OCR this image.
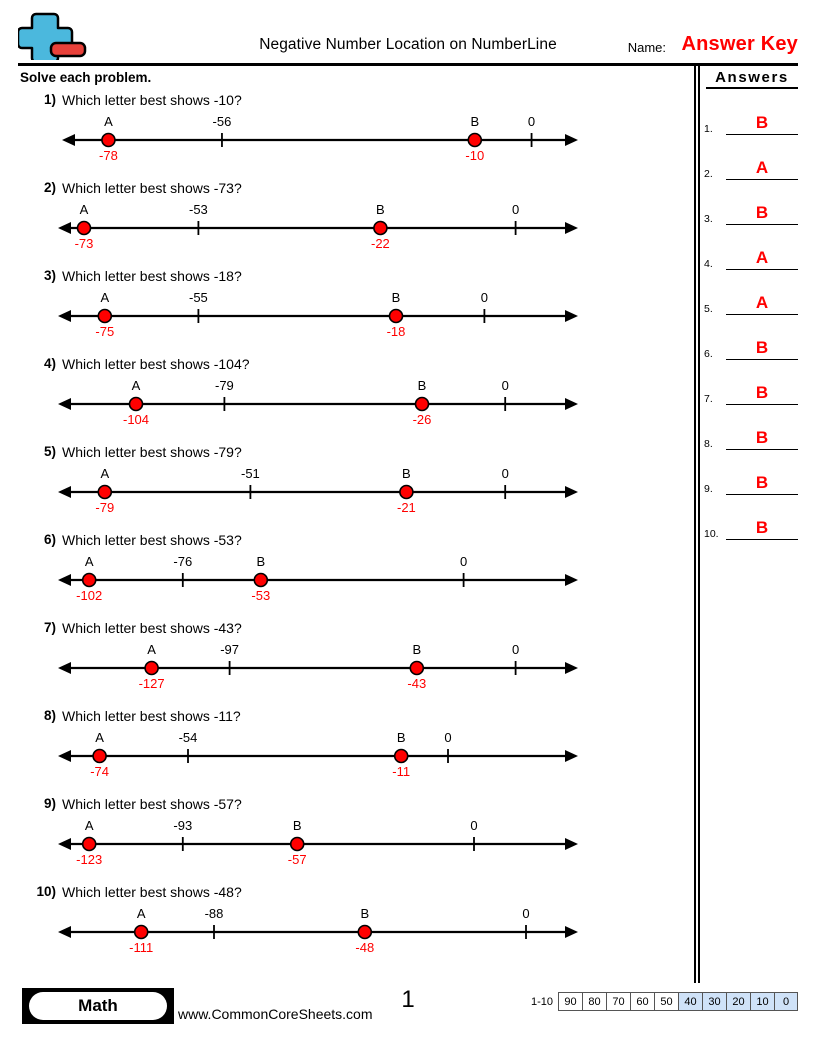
Negative Number Location on NumberLine	Name: Answer Key
Solve each problem.
1) Which letter best shows -10?
A
-78
-56	B
-10
0
2) Which letter best shows -73?
A
-73
-53	B
-22
0
3) Which letter best shows -18?
A
-75
-55	B
-18
0
4) Which letter best shows -104?
A
-104
-79	B
-26
0
5) Which letter best shows -79?
A
-79
-51	B
-21
0
6) Which letter best shows -53?
A
-102
-76	B
-53
0
7) Which letter best shows -43?
A
-127
-97	B
-43
0
8) Which letter best shows -11?
A
-74
-54	B
-11
0
9) Which letter best shows -57?
A
-123
-93	B
-57
0
10) Which letter best shows -48?
A
-111
-88	B
-48
0
Answers
1.	B
2.	A
3.	B
4.	A
5.	A
6.	B
7.	B
8.	B
9.	B
10.	B
Math	www.CommonCoreSheets.com
1	1-10	90	80	70	60	50	40	30	20	10	0
